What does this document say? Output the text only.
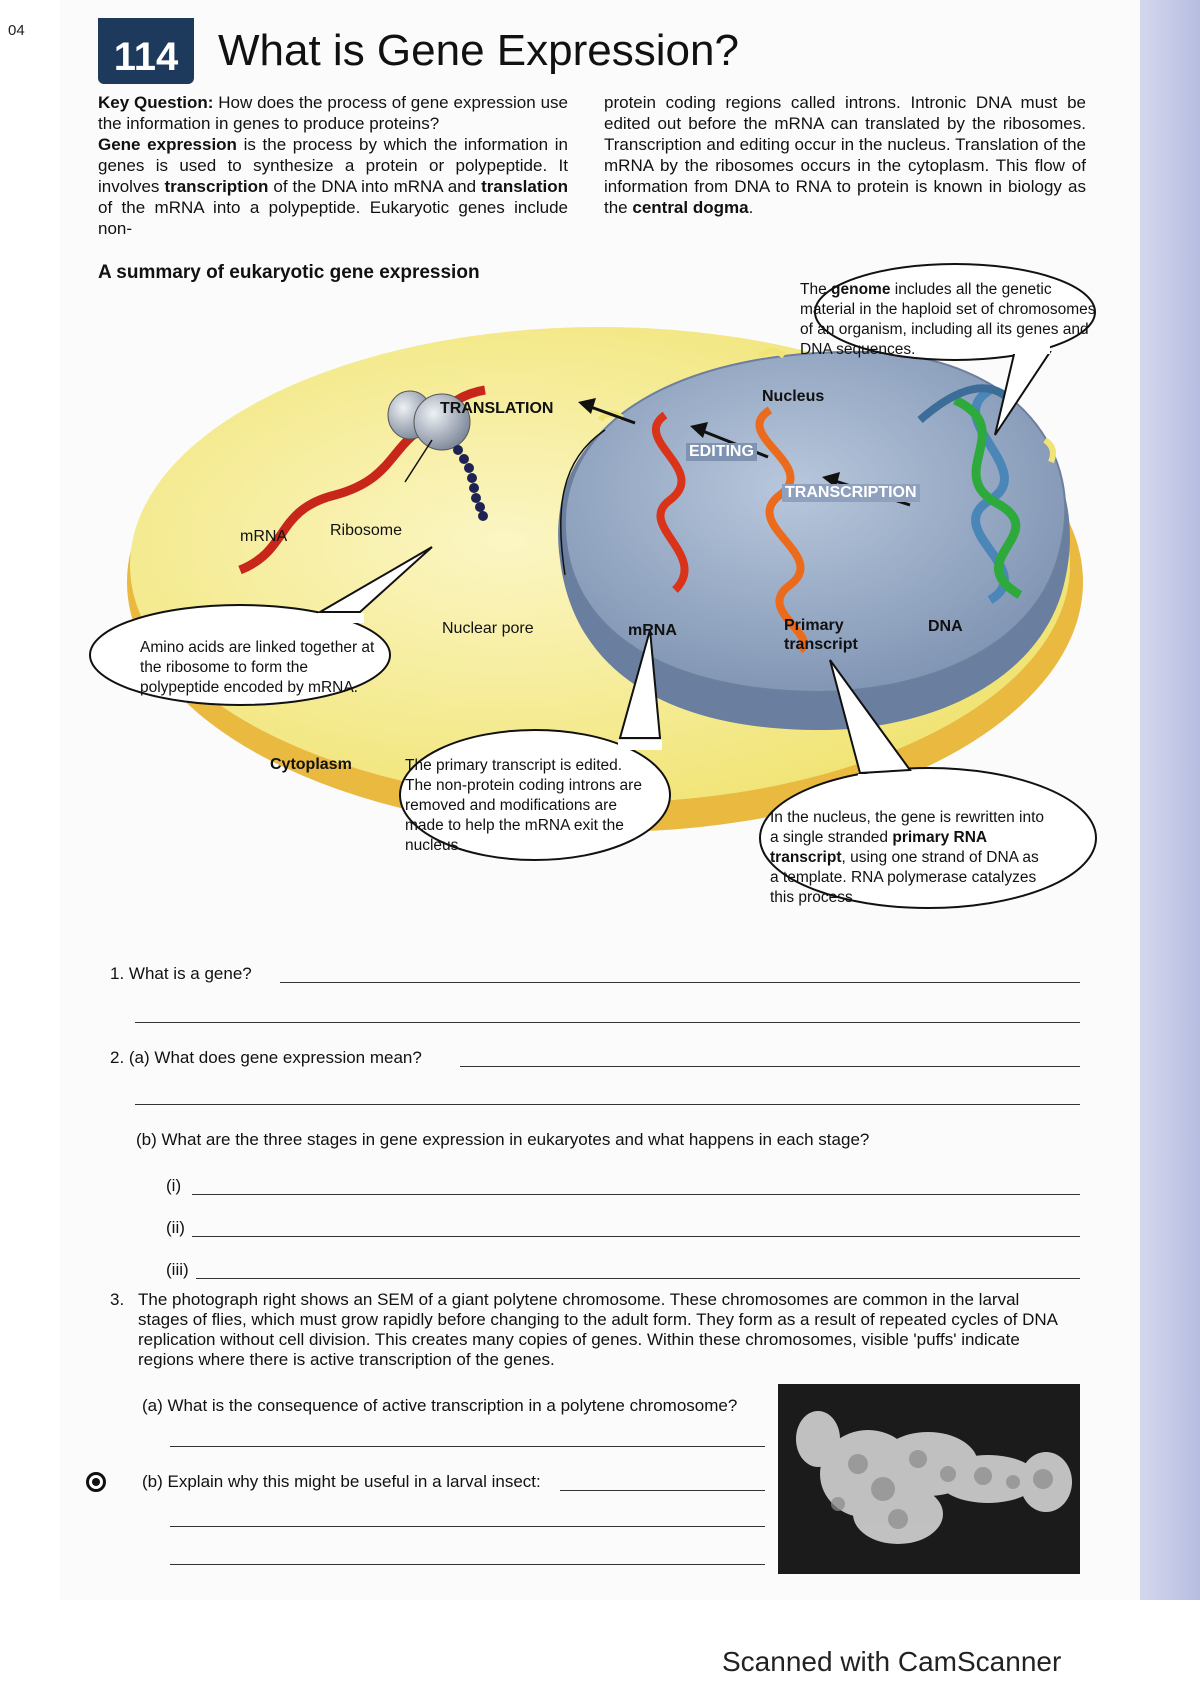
04
114 What is Gene Expression?
Key Question: How does the process of gene expression use the information in genes to produce proteins?
Gene expression is the process by which the information in genes is used to synthesize a protein or polypeptide. It involves transcription of the DNA into mRNA and translation of the mRNA into a polypeptide. Eukaryotic genes include non-
protein coding regions called introns. Intronic DNA must be edited out before the mRNA can translated by the ribosomes. Transcription and editing occur in the nucleus. Translation of the mRNA by the ribosomes occurs in the cytoplasm. This flow of information from DNA to RNA to protein is known in biology as the central dogma.
A summary of eukaryotic gene expression
TRANSLATION
Nucleus
EDITING
TRANSCRIPTION
mRNA	Ribosome
Nuclear pore	mRNA	Primary
transcript
DNA
Cytoplasm
The genome includes all the genetic material in the haploid set of chromosomes of an organism, including all its genes and DNA sequences.
Amino acids are linked together at the ribosome to form the polypeptide encoded by mRNA.
The primary transcript is edited. The non-protein coding introns are removed and modifications are made to help the mRNA exit the nucleus.
In the nucleus, the gene is rewritten into a single stranded primary RNA transcript, using one strand of DNA as a template. RNA polymerase catalyzes this process.
1. What is a gene?
2. (a) What does gene expression mean?
(b) What are the three stages in gene expression in eukaryotes and what happens in each stage?
(i)
(ii)
(iii)
3. The photograph right shows an SEM of a giant polytene chromosome. These chromosomes are common in the larval stages of flies, which must grow rapidly before changing to the adult form. They form as a result of repeated cycles of DNA replication without cell division. This creates many copies of genes. Within these chromosomes, visible 'puffs' indicate regions where there is active transcription of the genes.
(a) What is the consequence of active transcription in a polytene chromosome?
(b) Explain why this might be useful in a larval insect:
Scanned with CamScanner
